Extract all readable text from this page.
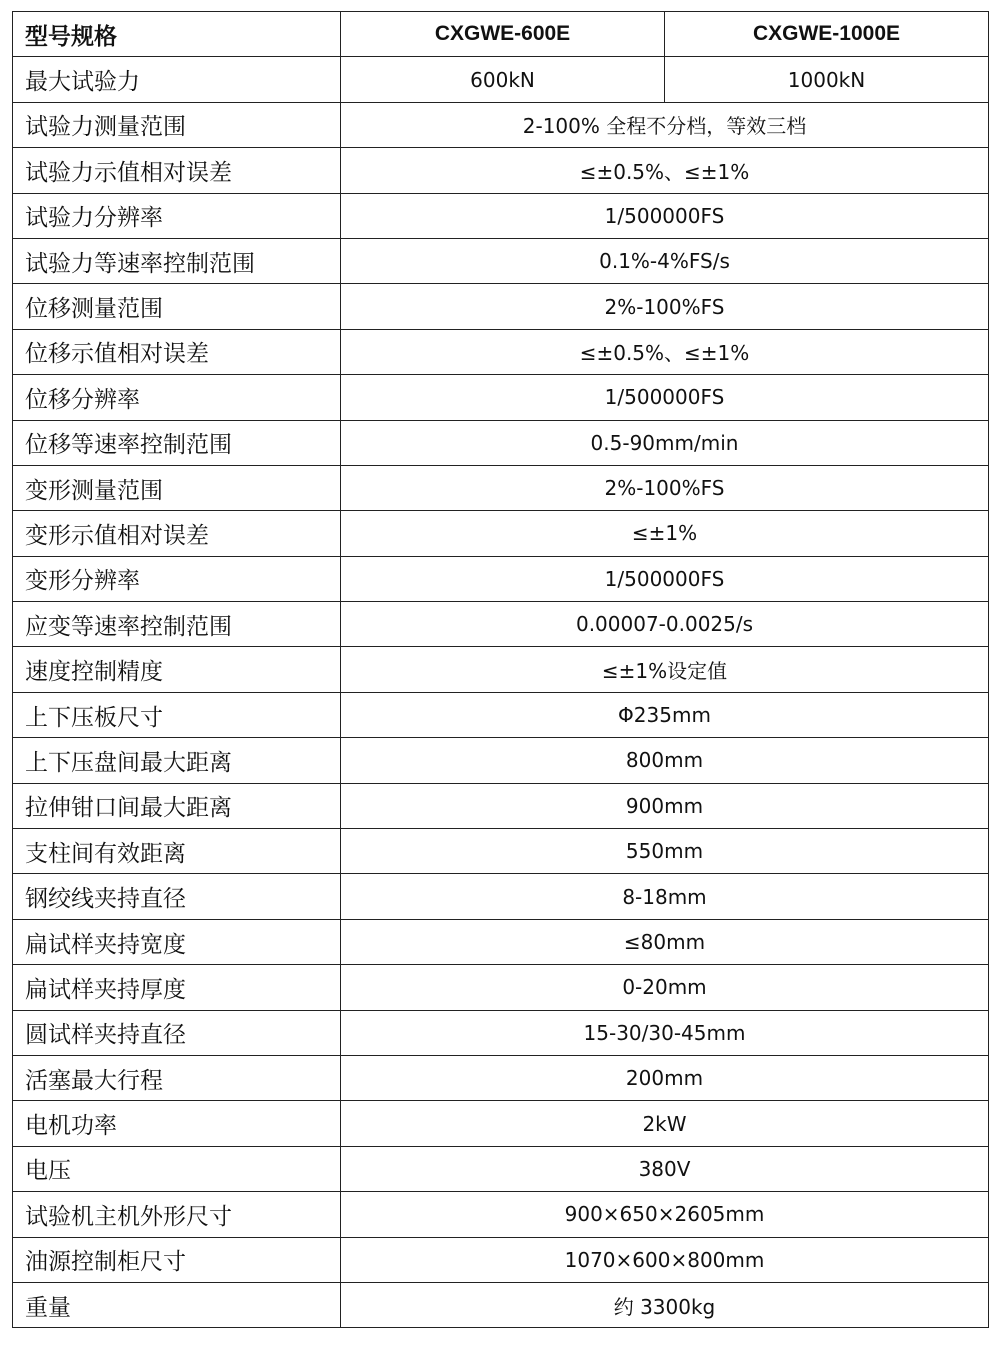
型号规格	CXGWE-600E	CXGWE-1000E
最大试验力	600kN	1000kN
试验力测量范围	2-100% 全程不分档，等效三档	
试验力示值相对误差	≤±0.5%、≤±1%	
试验力分辨率	1/500000FS	
试验力等速率控制范围	0.1%-4%FS/s	
位移测量范围	2%-100%FS	
位移示值相对误差	≤±0.5%、≤±1%	
位移分辨率	1/500000FS	
位移等速率控制范围	0.5-90mm/min	
变形测量范围	2%-100%FS	
变形示值相对误差	≤±1%	
变形分辨率	1/500000FS	
应变等速率控制范围	0.00007-0.0025/s	
速度控制精度	≤±1%设定值	
上下压板尺寸	Φ235mm	
上下压盘间最大距离	800mm	
拉伸钳口间最大距离	900mm	
支柱间有效距离	550mm	
钢绞线夹持直径	8-18mm	
扁试样夹持宽度	≤80mm	
扁试样夹持厚度	0-20mm	
圆试样夹持直径	15-30/30-45mm	
活塞最大行程	200mm	
电机功率	2kW	
电压	380V	
试验机主机外形尺寸	900×650×2605mm	
油源控制柜尺寸	1070×600×800mm	
重量	约 3300kg	
